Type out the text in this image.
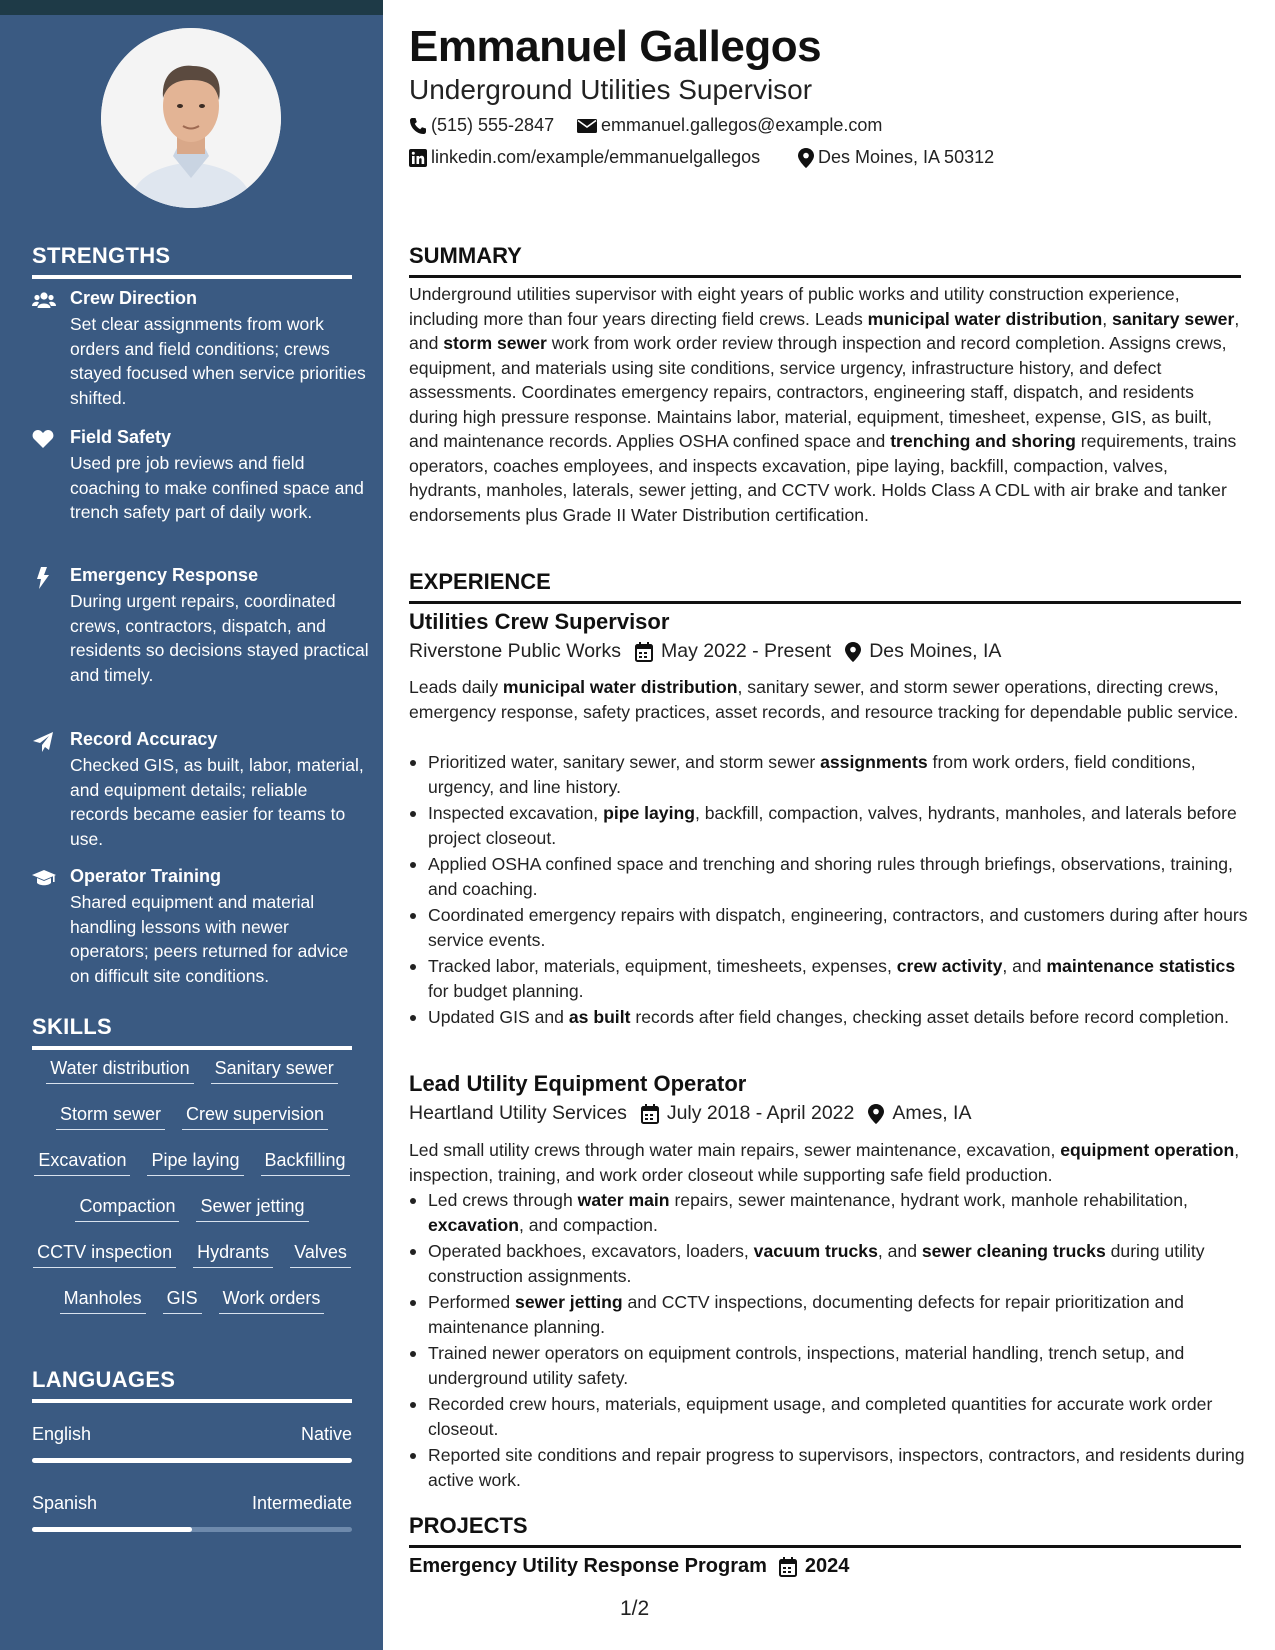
STRENGTHS
Crew Direction
Set clear assignments from work orders and field conditions; crews stayed focused when service priorities shifted.
Field Safety
Used pre job reviews and field coaching to make confined space and trench safety part of daily work.
Emergency Response
During urgent repairs, coordinated crews, contractors, dispatch, and residents so decisions stayed practical and timely.
Record Accuracy
Checked GIS, as built, labor, material, and equipment details; reliable records became easier for teams to use.
Operator Training
Shared equipment and material handling lessons with newer operators; peers returned for advice on difficult site conditions.
SKILLS
Water distribution Sanitary sewer
Storm sewer Crew supervision
Excavation Pipe laying Backfilling
Compaction Sewer jetting
CCTV inspection Hydrants Valves
Manholes GIS Work orders
LANGUAGES
English	Native
Spanish	Intermediate
Emmanuel Gallegos
Underground Utilities Supervisor
(515) 555-2847	emmanuel.gallegos@example.com
linkedin.com/example/emmanuelgallegos	Des Moines, IA 50312
SUMMARY
Underground utilities supervisor with eight years of public works and utility construction experience, including more than four years directing field crews. Leads municipal water distribution, sanitary sewer, and storm sewer work from work order review through inspection and record completion. Assigns crews, equipment, and materials using site conditions, service urgency, infrastructure history, and defect assessments. Coordinates emergency repairs, contractors, engineering staff, dispatch, and residents during high pressure response. Maintains labor, material, equipment, timesheet, expense, GIS, as built, and maintenance records. Applies OSHA confined space and trenching and shoring requirements, trains operators, coaches employees, and inspects excavation, pipe laying, backfill, compaction, valves, hydrants, manholes, laterals, sewer jetting, and CCTV work. Holds Class A CDL with air brake and tanker endorsements plus Grade II Water Distribution certification.
EXPERIENCE
Utilities Crew Supervisor
Riverstone Public Works May 2022 - Present Des Moines, IA
Leads daily municipal water distribution, sanitary sewer, and storm sewer operations, directing crews, emergency response, safety practices, asset records, and resource tracking for dependable public service.
Prioritized water, sanitary sewer, and storm sewer assignments from work orders, field conditions, urgency, and line history.
Inspected excavation, pipe laying, backfill, compaction, valves, hydrants, manholes, and laterals before project closeout.
Applied OSHA confined space and trenching and shoring rules through briefings, observations, training, and coaching.
Coordinated emergency repairs with dispatch, engineering, contractors, and customers during after hours service events.
Tracked labor, materials, equipment, timesheets, expenses, crew activity, and maintenance statistics for budget planning.
Updated GIS and as built records after field changes, checking asset details before record completion.
Lead Utility Equipment Operator
Heartland Utility Services July 2018 - April 2022 Ames, IA
Led small utility crews through water main repairs, sewer maintenance, excavation, equipment operation, inspection, training, and work order closeout while supporting safe field production.
Led crews through water main repairs, sewer maintenance, hydrant work, manhole rehabilitation, excavation, and compaction.
Operated backhoes, excavators, loaders, vacuum trucks, and sewer cleaning trucks during utility construction assignments.
Performed sewer jetting and CCTV inspections, documenting defects for repair prioritization and maintenance planning.
Trained newer operators on equipment controls, inspections, material handling, trench setup, and underground utility safety.
Recorded crew hours, materials, equipment usage, and completed quantities for accurate work order closeout.
Reported site conditions and repair progress to supervisors, inspectors, contractors, and residents during active work.
PROJECTS
Emergency Utility Response Program 2024
1/2
